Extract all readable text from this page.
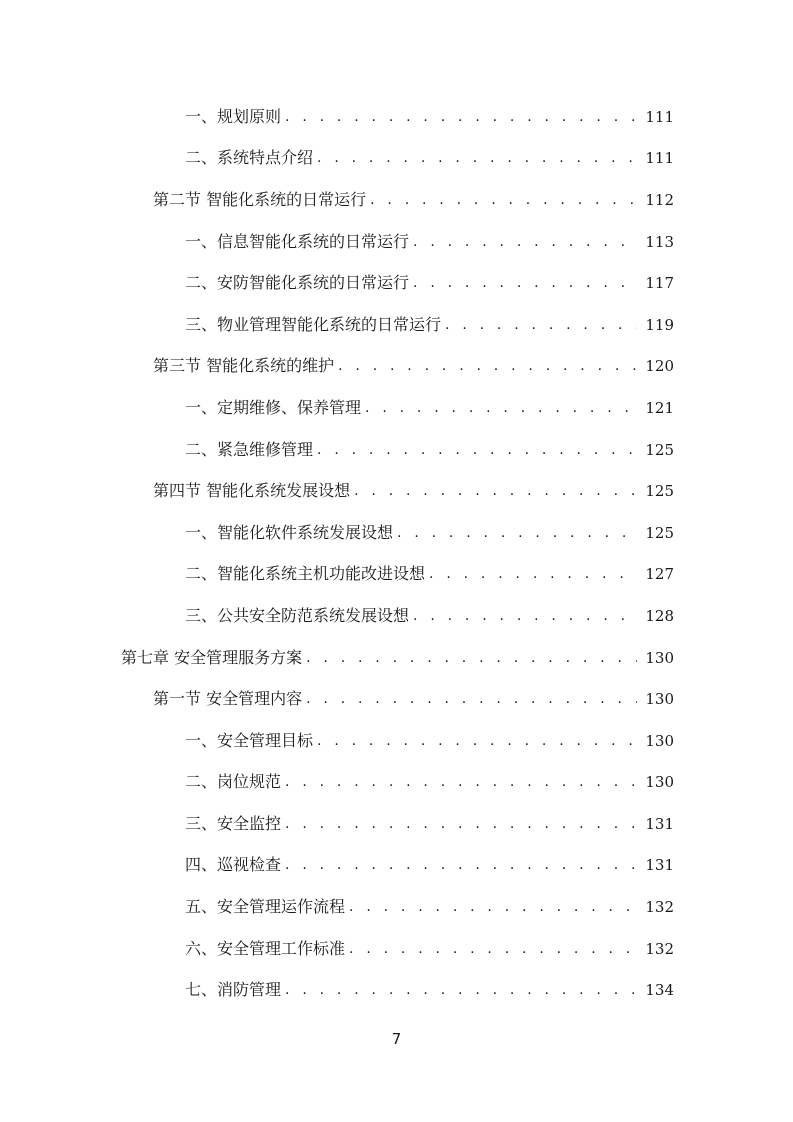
一、规划原则 . . .	111
二、系统特点介绍 . . .	111
第二节 智能化系统的日常运行 . . .	112
一、信息智能化系统的日常运行 . . .	113
二、安防智能化系统的日常运行 . . .	117
三、物业管理智能化系统的日常运行 . . .	119
第三节 智能化系统的维护 . . .	120
一、定期维修、保养管理 . . .	121
二、紧急维修管理 . . .	125
第四节 智能化系统发展设想 . . .	125
一、智能化软件系统发展设想 . . .	125
二、智能化系统主机功能改进设想 . . .	127
三、公共安全防范系统发展设想 . . .	128
第七章 安全管理服务方案 . . .	130
第一节 安全管理内容 . . .	130
一、安全管理目标 . . .	130
二、岗位规范 . . .	130
三、安全监控 . . .	131
四、巡视检查 . . .	131
五、安全管理运作流程 . . .	132
六、安全管理工作标准 . . .	132
七、消防管理 . . .	134
7
